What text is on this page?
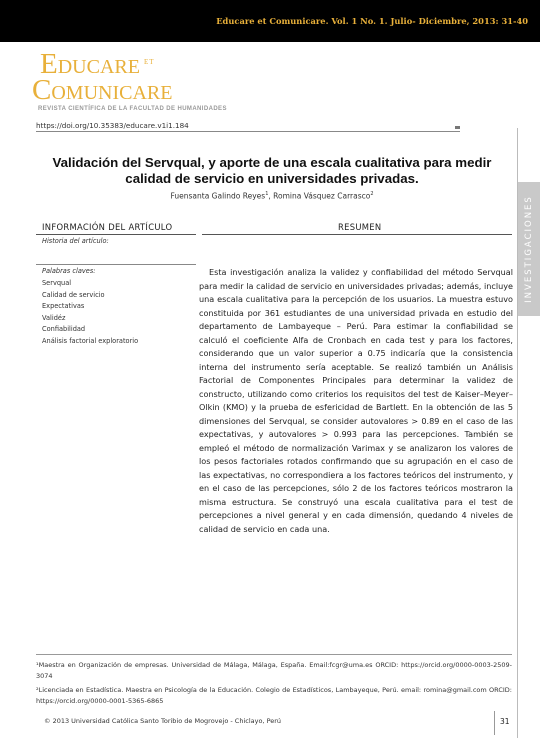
Educare et Comunicare. Vol. 1 No. 1. Julio- Diciembre, 2013: 31-40
Educare $^{et}$
Comunicare
REVISTA CIENTÍFICA DE LA FACULTAD DE HUMANIDADES
https://doi.org/10.35383/educare.v1i1.184
INVESTIGACIONES
Validación del Servqual, y aporte de una escala cualitativa para medir calidad de servicio en universidades privadas.
Fuensanta Galindo Reyes$^1$, Romina Vásquez Carrasco$^2$
INFORMACIÓN DEL ARTÍCULO	RESUMEN
Historia del artículo:
Palabras claves:
Servqual
Calidad de servicio
Expectativas
Validéz
Confiabilidad
Análisis factorial exploratorio
Esta investigación analiza la validez y confiabilidad del método Servqual para medir la calidad de servicio en universidades privadas; además, incluye una escala cualitativa para la percepción de los usuarios. La muestra estuvo constituida por 361 estudiantes de una universidad privada en estudio del departamento de Lambayeque – Perú. Para estimar la confiabilidad se calculó el coeficiente Alfa de Cronbach en cada test y para los factores, considerando que un valor superior a 0.75 indicaría que la consistencia interna del instrumento sería aceptable. Se realizó también un Análisis Factorial de Componentes Principales para determinar la validez de constructo, utilizando como criterios los requisitos del test de Kaiser–Meyer–Olkin (KMO) y la prueba de esfericidad de Bartlett. En la obtención de las 5 dimensiones del Servqual, se consider autovalores > 0.89 en el caso de las expectativas, y autovalores > 0.993 para las percepciones. También se empleó el método de normalización Varimax y se analizaron los valores de los pesos factoriales rotados confirmando que su agrupación en el caso de las expectativas, no correspondiera a los factores teóricos del instrumento, y en el caso de las percepciones, sólo 2 de los factores teóricos mostraron la misma estructura. Se construyó una escala cualitativa para el test de percepciones a nivel general y en cada dimensión, quedando 4 niveles de calidad de servicio en cada una.
¹Maestra en Organización de empresas. Universidad de Málaga, Málaga, España. Email:fcgr@uma.es ORCID: https://orcid.org/0000-0003-2509-3074
²Licenciada en Estadística. Maestra en Psicología de la Educación. Colegio de Estadísticos, Lambayeque, Perú. email: romina@gmail.com ORCID: https://orcid.org/0000-0001-5365-6865
© 2013 Universidad Católica Santo Toribio de Mogrovejo - Chiclayo, Perú	31
